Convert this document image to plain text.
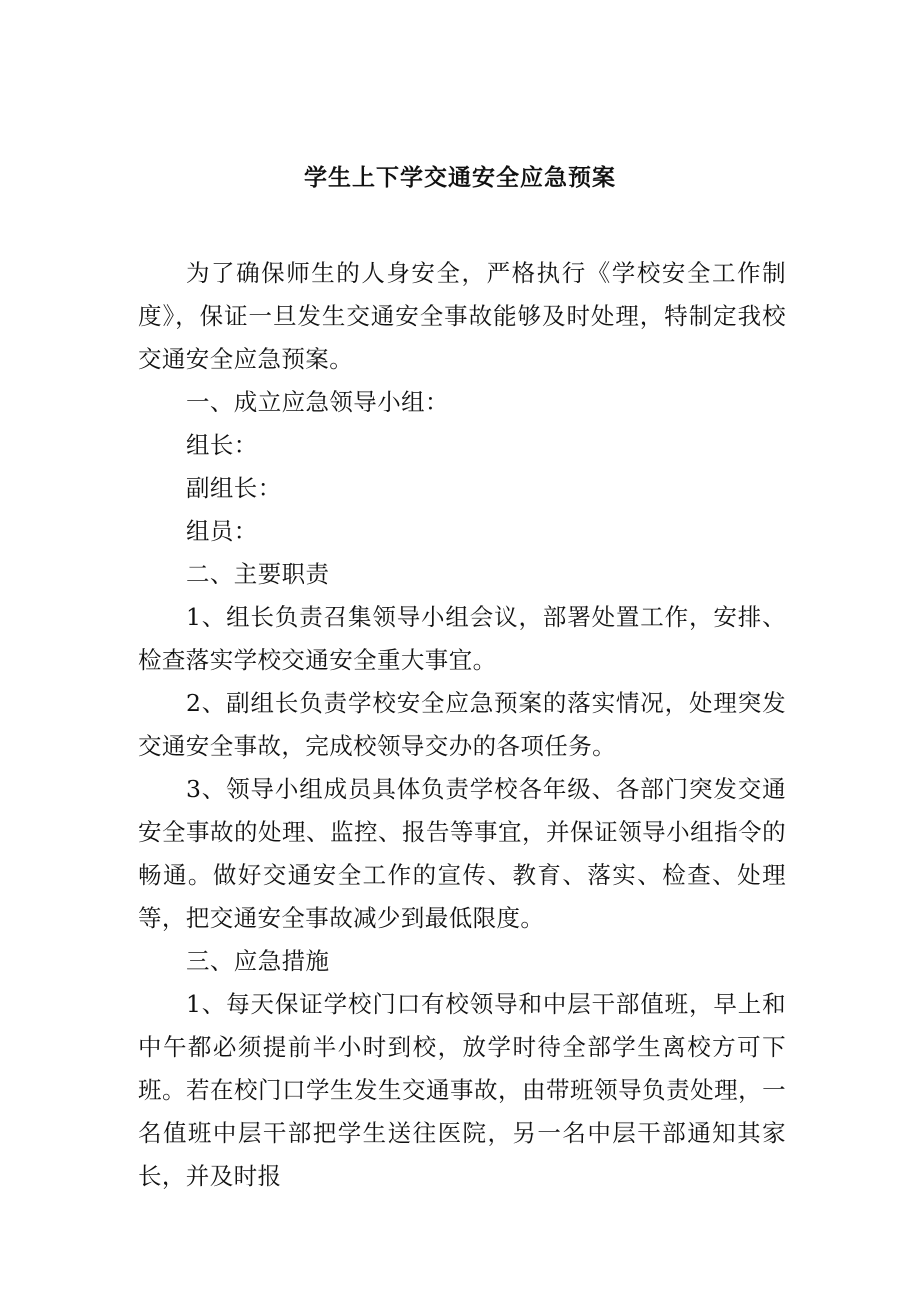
学生上下学交通安全应急预案

为了确保师生的人身安全，严格执行《学校安全工作制度》，保证一旦发生交通安全事故能够及时处理，特制定我校交通安全应急预案。

一、成立应急领导小组：

组长：

副组长：

组员：

二、主要职责

1、组长负责召集领导小组会议，部署处置工作，安排、检查落实学校交通安全重大事宜。

2、副组长负责学校安全应急预案的落实情况，处理突发交通安全事故，完成校领导交办的各项任务。

3、领导小组成员具体负责学校各年级、各部门突发交通安全事故的处理、监控、报告等事宜，并保证领导小组指令的畅通。做好交通安全工作的宣传、教育、落实、检查、处理等，把交通安全事故减少到最低限度。

三、应急措施

1、每天保证学校门口有校领导和中层干部值班，早上和中午都必须提前半小时到校，放学时待全部学生离校方可下班。若在校门口学生发生交通事故，由带班领导负责处理，一名值班中层干部把学生送往医院，另一名中层干部通知其家长，并及时报
